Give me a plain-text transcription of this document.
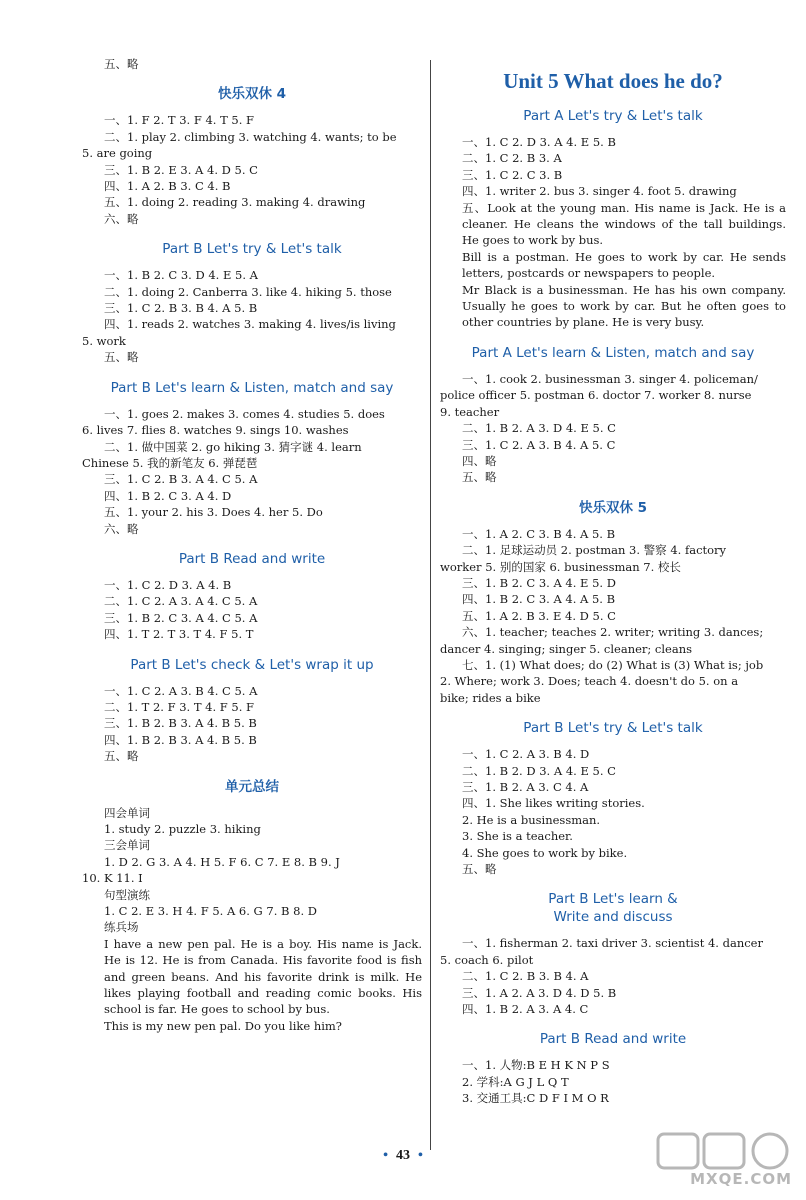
五、略
快乐双休 4
一、1. F 2. T 3. F 4. T 5. F
二、1. play 2. climbing 3. watching 4. wants; to be
5. are going
三、1. B 2. E 3. A 4. D 5. C
四、1. A 2. B 3. C 4. B
五、1. doing 2. reading 3. making 4. drawing
六、略
Part B Let's try & Let's talk
一、1. B 2. C 3. D 4. E 5. A
二、1. doing 2. Canberra 3. like 4. hiking 5. those
三、1. C 2. B 3. B 4. A 5. B
四、1. reads 2. watches 3. making 4. lives/is living
5. work
五、略
Part B Let's learn & Listen, match and say
一、1. goes 2. makes 3. comes 4. studies 5. does
6. lives 7. flies 8. watches 9. sings 10. washes
二、1. 做中国菜 2. go hiking 3. 猜字谜 4. learn
Chinese 5. 我的新笔友 6. 弹琵琶
三、1. C 2. B 3. A 4. C 5. A
四、1. B 2. C 3. A 4. D
五、1. your 2. his 3. Does 4. her 5. Do
六、略
Part B Read and write
一、1. C 2. D 3. A 4. B
二、1. C 2. A 3. A 4. C 5. A
三、1. B 2. C 3. A 4. C 5. A
四、1. T 2. T 3. T 4. F 5. T
Part B Let's check & Let's wrap it up
一、1. C 2. A 3. B 4. C 5. A
二、1. T 2. F 3. T 4. F 5. F
三、1. B 2. B 3. A 4. B 5. B
四、1. B 2. B 3. A 4. B 5. B
五、略
单元总结
四会单词
1. study 2. puzzle 3. hiking
三会单词
1. D 2. G 3. A 4. H 5. F 6. C 7. E 8. B 9. J
10. K 11. I
句型演练
1. C 2. E 3. H 4. F 5. A 6. G 7. B 8. D
练兵场
I have a new pen pal. He is a boy. His name is Jack. He is 12. He is from Canada. His favorite food is fish and green beans. And his favorite drink is milk. He likes playing football and reading comic books. His school is far. He goes to school by bus.
This is my new pen pal. Do you like him?
Unit 5 What does he do?
Part A Let's try & Let's talk
一、1. C 2. D 3. A 4. E 5. B
二、1. C 2. B 3. A
三、1. C 2. C 3. B
四、1. writer 2. bus 3. singer 4. foot 5. drawing
五、Look at the young man. His name is Jack. He is a cleaner. He cleans the windows of the tall buildings. He goes to work by bus.
Bill is a postman. He goes to work by car. He sends letters, postcards or newspapers to people.
Mr Black is a businessman. He has his own company. Usually he goes to work by car. But he often goes to other countries by plane. He is very busy.
Part A Let's learn & Listen, match and say
一、1. cook 2. businessman 3. singer 4. policeman/
police officer 5. postman 6. doctor 7. worker 8. nurse
9. teacher
二、1. B 2. A 3. D 4. E 5. C
三、1. C 2. A 3. B 4. A 5. C
四、略
五、略
快乐双休 5
一、1. A 2. C 3. B 4. A 5. B
二、1. 足球运动员 2. postman 3. 警察 4. factory
worker 5. 别的国家 6. businessman 7. 校长
三、1. B 2. C 3. A 4. E 5. D
四、1. B 2. C 3. A 4. A 5. B
五、1. A 2. B 3. E 4. D 5. C
六、1. teacher; teaches 2. writer; writing 3. dances;
dancer 4. singing; singer 5. cleaner; cleans
七、1. (1) What does; do (2) What is (3) What is; job
2. Where; work 3. Does; teach 4. doesn't do 5. on a
bike; rides a bike
Part B Let's try & Let's talk
一、1. C 2. A 3. B 4. D
二、1. B 2. D 3. A 4. E 5. C
三、1. B 2. A 3. C 4. A
四、1. She likes writing stories.
2. He is a businessman.
3. She is a teacher.
4. She goes to work by bike.
五、略
Part B Let's learn &
Write and discuss
一、1. fisherman 2. taxi driver 3. scientist 4. dancer
5. coach 6. pilot
二、1. C 2. B 3. B 4. A
三、1. A 2. A 3. D 4. D 5. B
四、1. B 2. A 3. A 4. C
Part B Read and write
一、1. 人物:B E H K N P S
2. 学科:A G J L Q T
3. 交通工具:C D F I M O R
• 43 •
MXQE.COM
